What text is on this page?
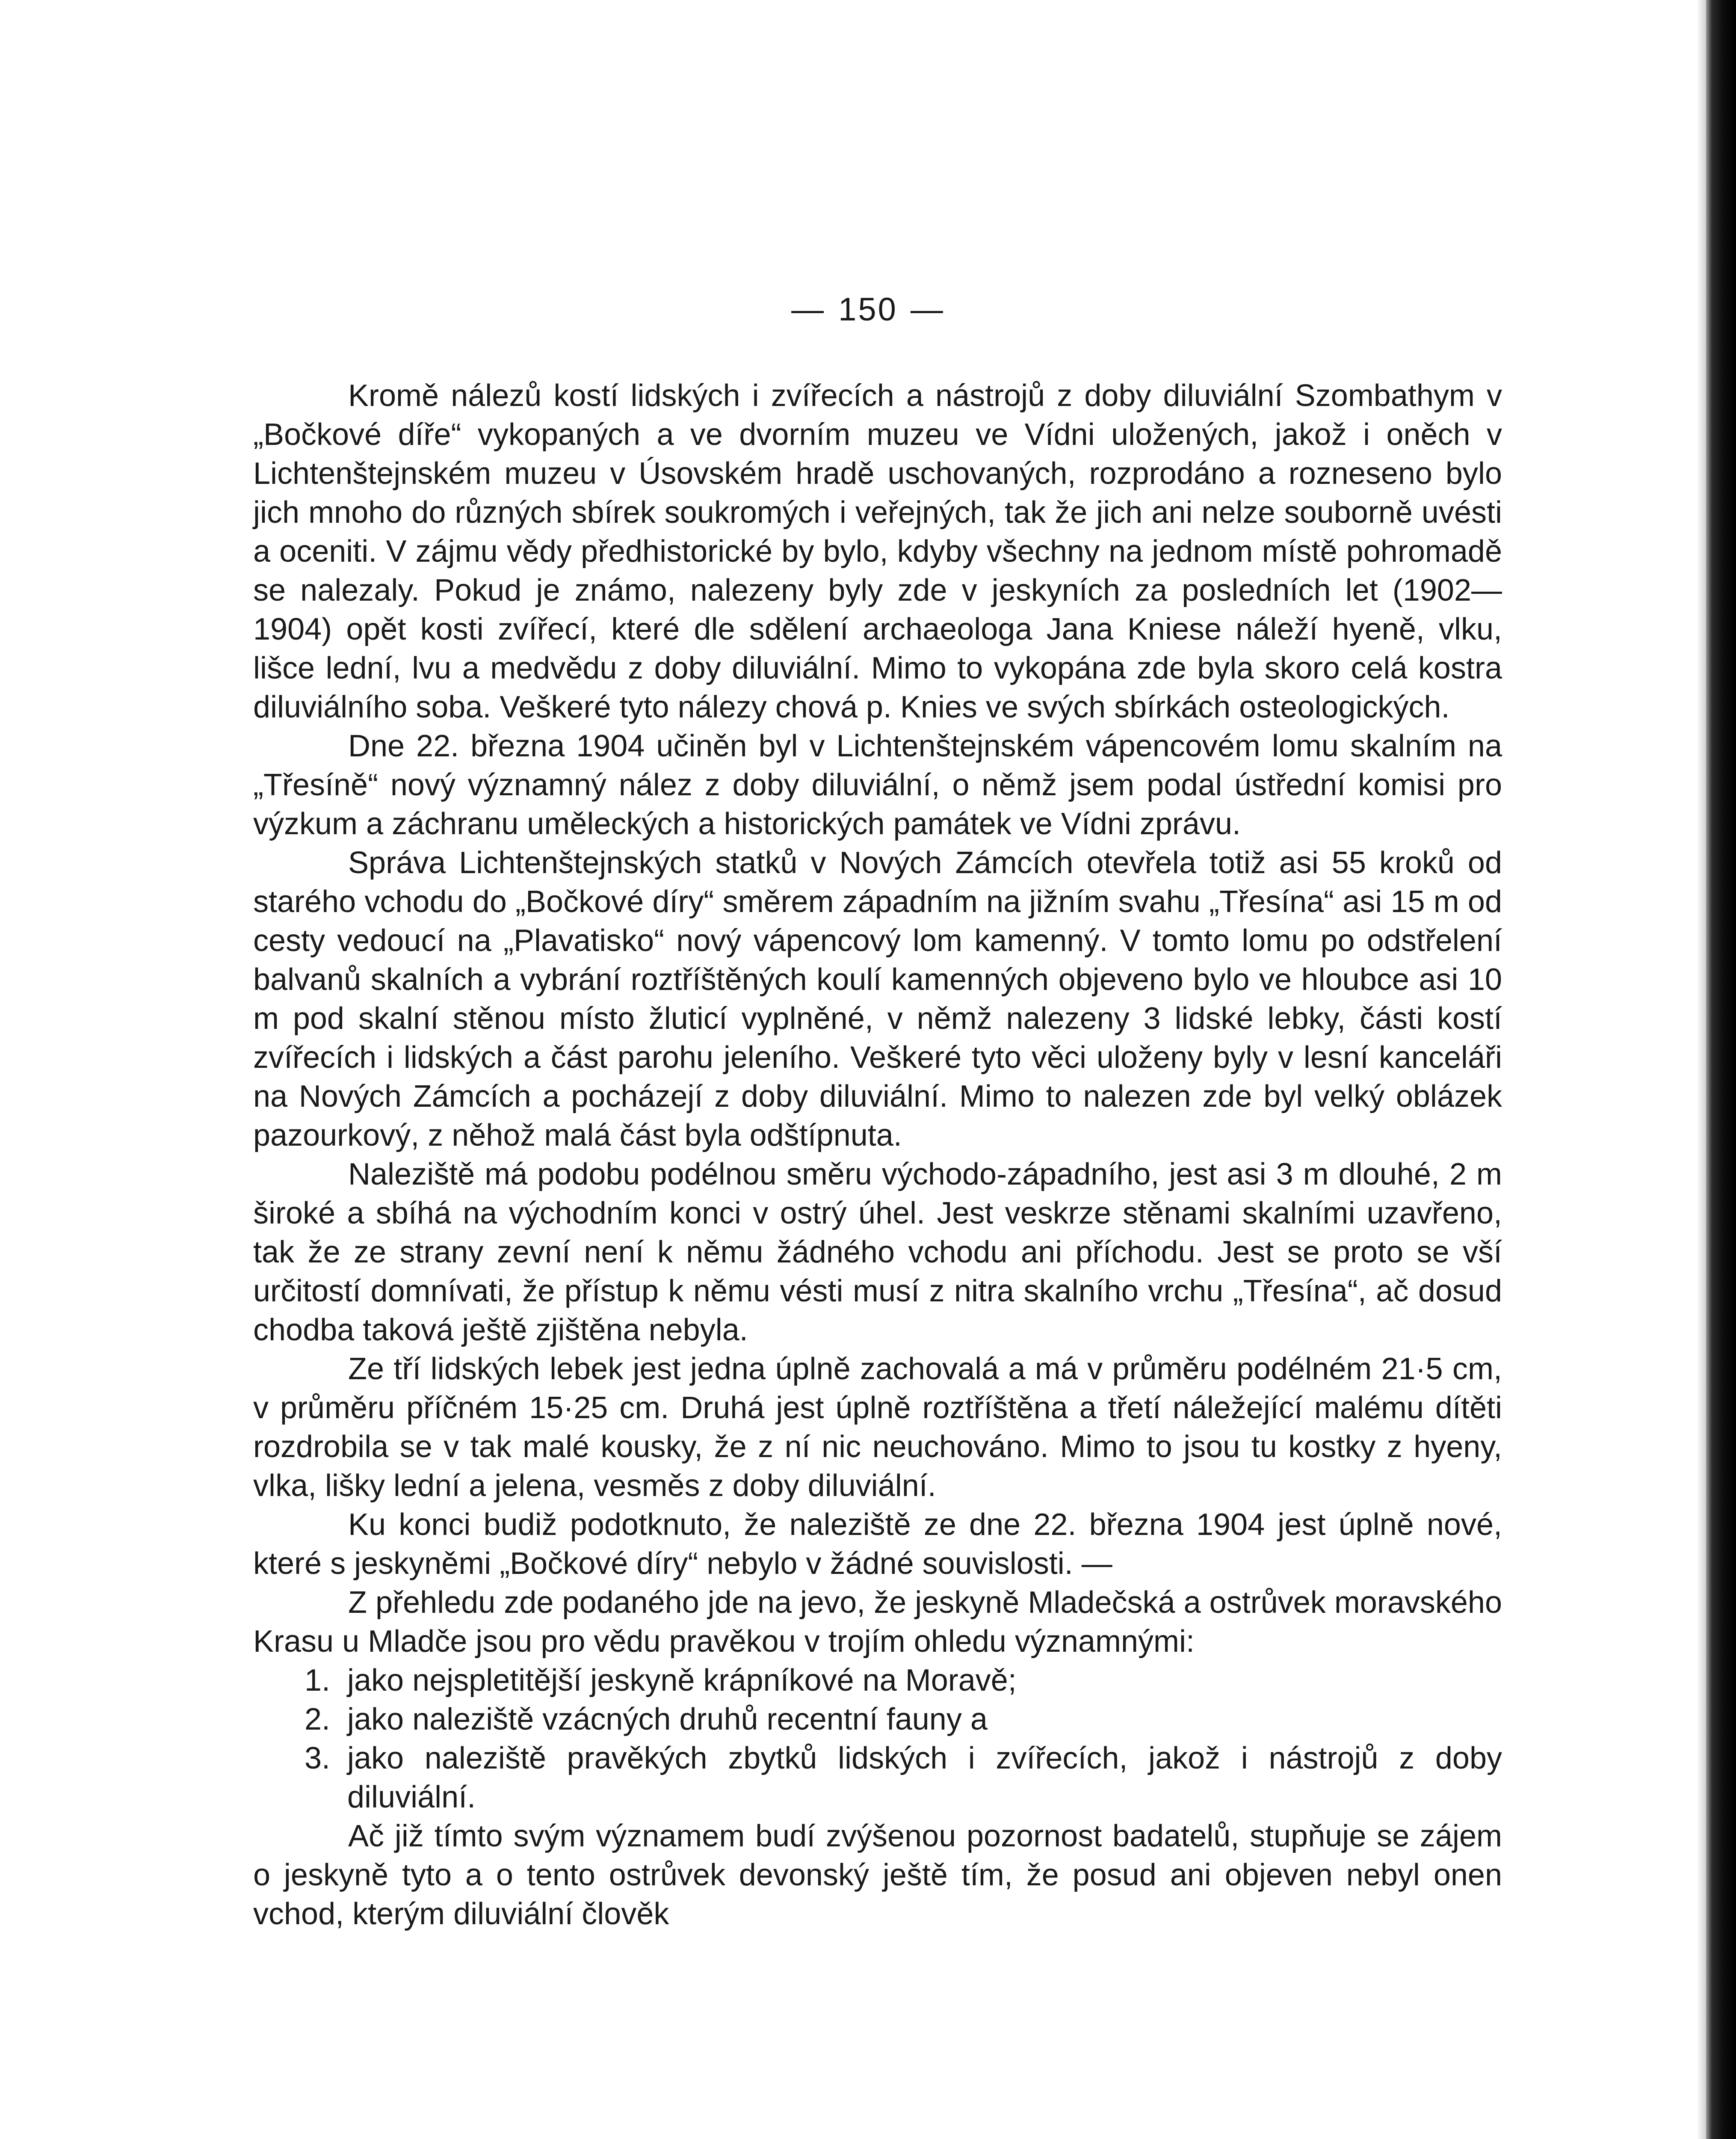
— 150 —

Kromě nálezů kostí lidských i zvířecích a nástrojů z doby diluviální Szombathym v „Bočkové díře“ vykopaných a ve dvorním muzeu ve Vídni uložených, jakož i oněch v Lichtenštejnském muzeu v Úsovském hradě uschovaných, rozprodáno a rozneseno bylo jich mnoho do různých sbírek soukromých i veřejných, tak že jich ani nelze souborně uvésti a oceniti. V zájmu vědy předhistorické by bylo, kdyby všechny na jednom místě pohromadě se nalezaly. Pokud je známo, nalezeny byly zde v jeskyních za posledních let (1902—1904) opět kosti zvířecí, které dle sdělení archaeologa Jana Kniese náleží hyeně, vlku, lišce lední, lvu a medvědu z doby diluviální. Mimo to vykopána zde byla skoro celá kostra diluviálního soba. Veškeré tyto nálezy chová p. Knies ve svých sbírkách osteologických.

Dne 22. března 1904 učiněn byl v Lichtenštejnském vápencovém lomu skalním na „Třesíně“ nový významný nález z doby diluviální, o němž jsem podal ústřední komisi pro výzkum a záchranu uměleckých a historických památek ve Vídni zprávu.

Správa Lichtenštejnských statků v Nových Zámcích otevřela totiž asi 55 kroků od starého vchodu do „Bočkové díry“ směrem západním na jižním svahu „Třesína“ asi 15 m od cesty vedoucí na „Plavatisko“ nový vápencový lom kamenný. V tomto lomu po odstřelení balvanů skalních a vybrání roztříštěných koulí kamenných objeveno bylo ve hloubce asi 10 m pod skalní stěnou místo žluticí vyplněné, v němž nalezeny 3 lidské lebky, části kostí zvířecích i lidských a část parohu jeleního. Veškeré tyto věci uloženy byly v lesní kanceláři na Nových Zámcích a pocházejí z doby diluviální. Mimo to nalezen zde byl velký oblázek pazourkový, z něhož malá část byla odštípnuta.

Naleziště má podobu podélnou směru východo-západního, jest asi 3 m dlouhé, 2 m široké a sbíhá na východním konci v ostrý úhel. Jest veskrze stěnami skalními uzavřeno, tak že ze strany zevní není k němu žádného vchodu ani příchodu. Jest se proto se vší určitostí domnívati, že přístup k němu vésti musí z nitra skalního vrchu „Třesína“, ač dosud chodba taková ještě zjištěna nebyla.

Ze tří lidských lebek jest jedna úplně zachovalá a má v průměru podélném 21·5 cm, v průměru příčném 15·25 cm. Druhá jest úplně roztříštěna a třetí náležející malému dítěti rozdrobila se v tak malé kousky, že z ní nic neuchováno. Mimo to jsou tu kostky z hyeny, vlka, lišky lední a jelena, vesměs z doby diluviální.

Ku konci budiž podotknuto, že naleziště ze dne 22. března 1904 jest úplně nové, které s jeskyněmi „Bočkové díry“ nebylo v žádné souvislosti. —

Z přehledu zde podaného jde na jevo, že jeskyně Mladečská a ostrůvek moravského Krasu u Mladče jsou pro vědu pravěkou v trojím ohledu významnými:

1. jako nejspletitější jeskyně krápníkové na Moravě;
2. jako naleziště vzácných druhů recentní fauny a
3. jako naleziště pravěkých zbytků lidských i zvířecích, jakož i nástrojů z doby diluviální.

Ač již tímto svým významem budí zvýšenou pozornost badatelů, stupňuje se zájem o jeskyně tyto a o tento ostrůvek devonský ještě tím, že posud ani objeven nebyl onen vchod, kterým diluviální člověk
